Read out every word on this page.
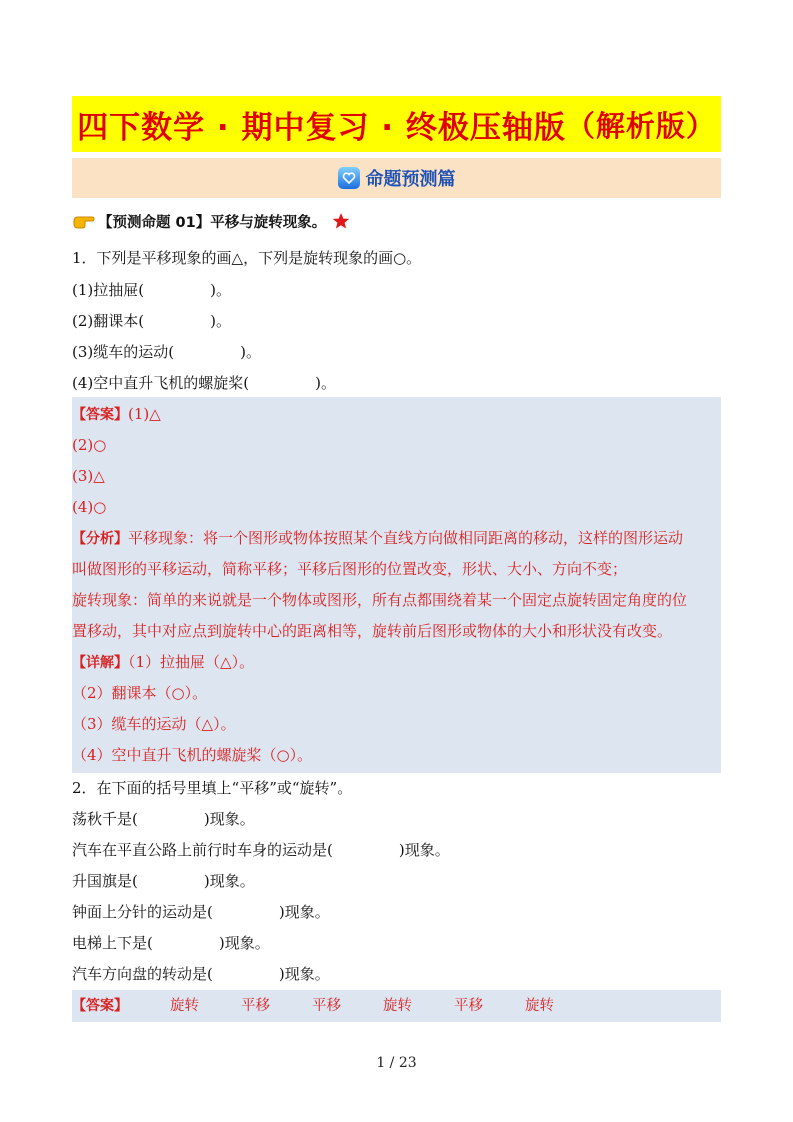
四下数学 · 期中复习 · 终极压轴版 （解析版）
命题预测篇
【预测命题 01】平移与旋转现象。
1．下列是平移现象的画△，下列是旋转现象的画○。
(1)拉抽屉(	)。
(2)翻课本(	)。
(3)缆车的运动(	)。
(4)空中直升飞机的螺旋桨(	)。
【答案】(1)△
(2)○
(3)△
(4)○
【分析】平移现象：将一个图形或物体按照某个直线方向做相同距离的移动，这样的图形运动
叫做图形的平移运动，简称平移；平移后图形的位置改变，形状、大小、方向不变；
旋转现象：简单的来说就是一个物体或图形，所有点都围绕着某一个固定点旋转固定角度的位
置移动，其中对应点到旋转中心的距离相等，旋转前后图形或物体的大小和形状没有改变。
【详解】（1）拉抽屉（△）。
（2）翻课本（○）。
（3）缆车的运动（△）。
（4）空中直升飞机的螺旋桨（○）。
2．在下面的括号里填上“平移”或“旋转”。
荡秋千是(	)现象。
汽车在平直公路上前行时车身的运动是(	)现象。
升国旗是(	)现象。
钟面上分针的运动是(	)现象。
电梯上下是(	)现象。
汽车方向盘的转动是(	)现象。
【答案】	旋转	平移	平移	旋转	平移	旋转
1 / 23
